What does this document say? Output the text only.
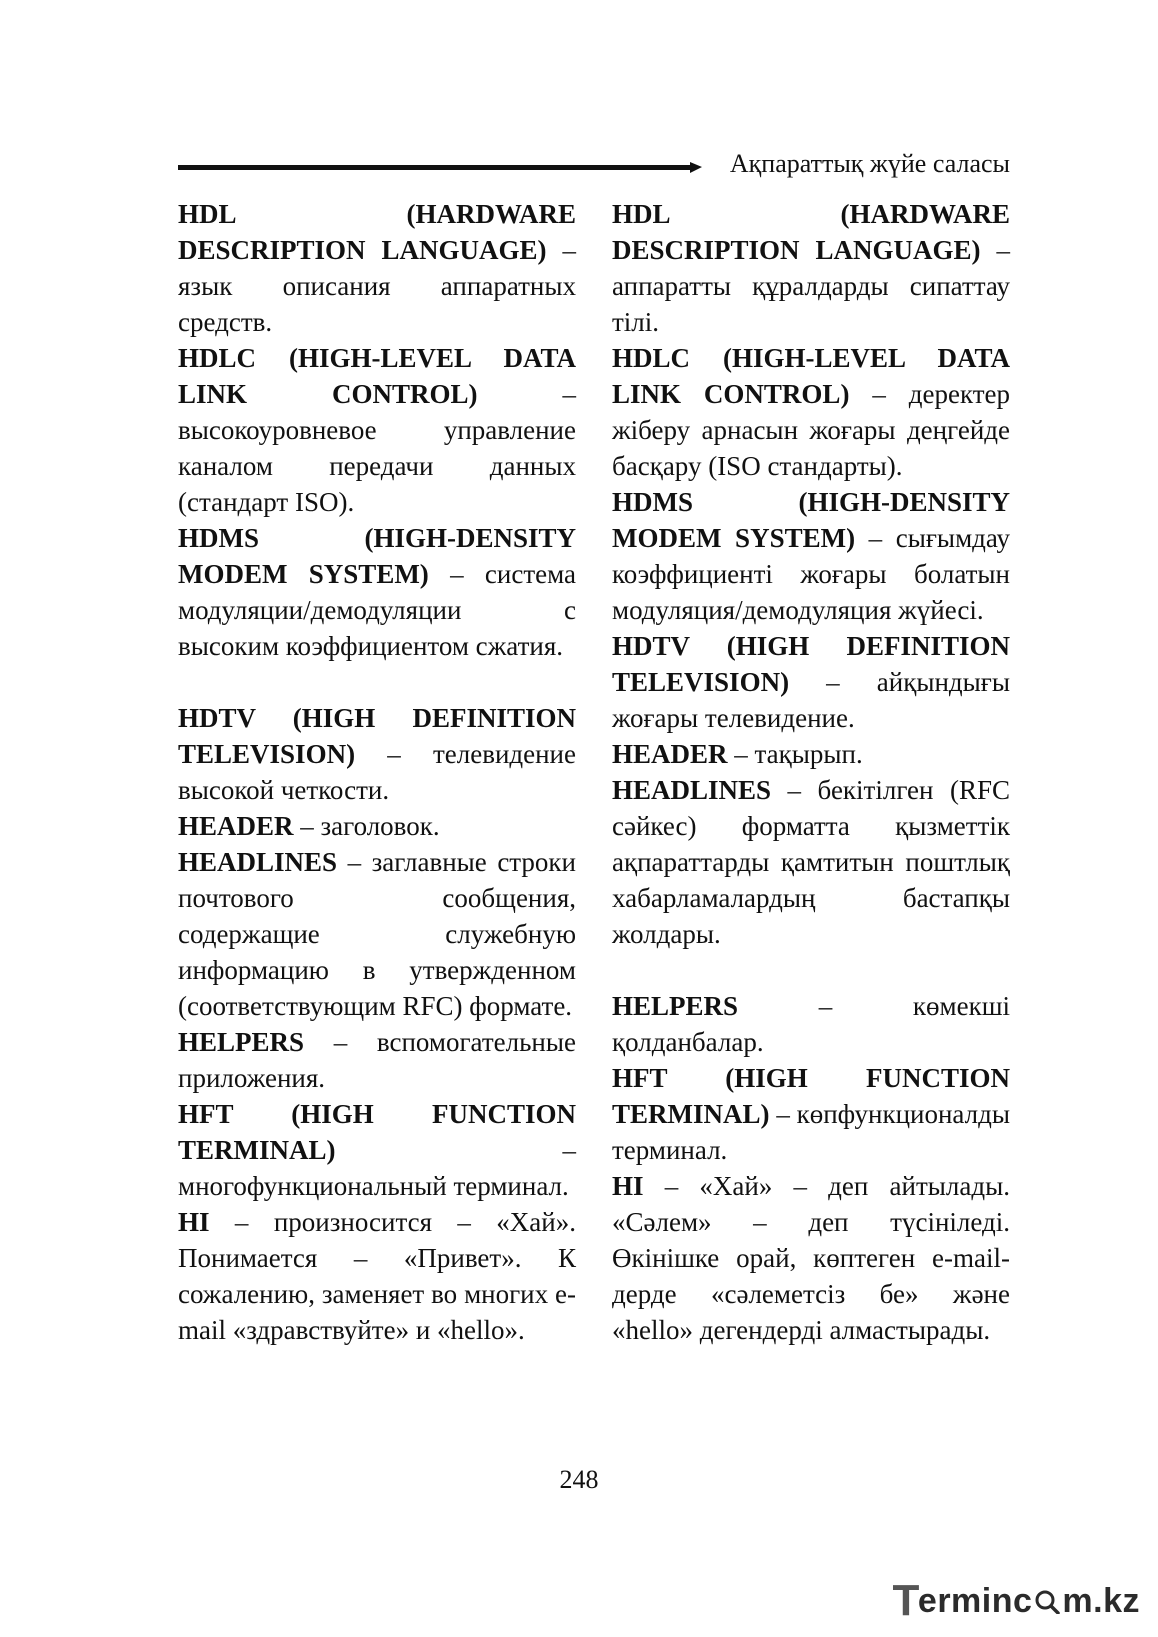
Ақпараттық жүйе саласы

HDL (HARDWARE DESCRIPTION LANGUAGE) – язык описания аппаратных средств.

HDLC (HIGH-LEVEL DATA LINK CONTROL) – высокоуровневое управление каналом передачи данных (стандарт ISO).

HDMS (HIGH-DENSITY MODEM SYSTEM) – система модуляции/демодуляции с высоким коэффициентом сжатия.

HDTV (HIGH DEFINITION TELEVISION) – телевидение высокой четкости.

HEADER – заголовок.

HEADLINES – заглавные строки почтового сообщения, содержащие служебную информацию в утвержденном (соответствующим RFC) формате.

HELPERS – вспомогательные приложения.

HFT (HIGH FUNCTION TERMINAL) – многофункциональный терминал.

HI – произносится – «Хай». Понимается – «Привет». К сожалению, заменяет во многих e-mail «здравствуйте» и «hello».

HDL (HARDWARE DESCRIPTION LANGUAGE) – аппаратты құралдарды сипаттау тілі.

HDLC (HIGH-LEVEL DATA LINK CONTROL) – деректер жіберу арнасын жоғары деңгейде басқару (ISO стандарты).

HDMS (HIGH-DENSITY MODEM SYSTEM) – сығымдау коэффициенті жоғары болатын модуляция/демодуляция жүйесі.

HDTV (HIGH DEFINITION TELEVISION) – айқындығы жоғары телевидение.

HEADER – тақырып.

HEADLINES – бекітілген (RFC сәйкес) форматта қызметтік ақпараттарды қамтитын поштлық хабарламалардың бастапқы жолдары.

HELPERS – көмекші қолданбалар.

HFT (HIGH FUNCTION TERMINAL) – көпфункционалды терминал.

HI – «Хай» – деп айтылады. «Сәлем» – деп түсініледі. Өкінішке орай, көптеген e-mail-дерде «сәлеметсіз бе» және «hello» дегендерді алмастырады.

248
T
erminc m.kz
